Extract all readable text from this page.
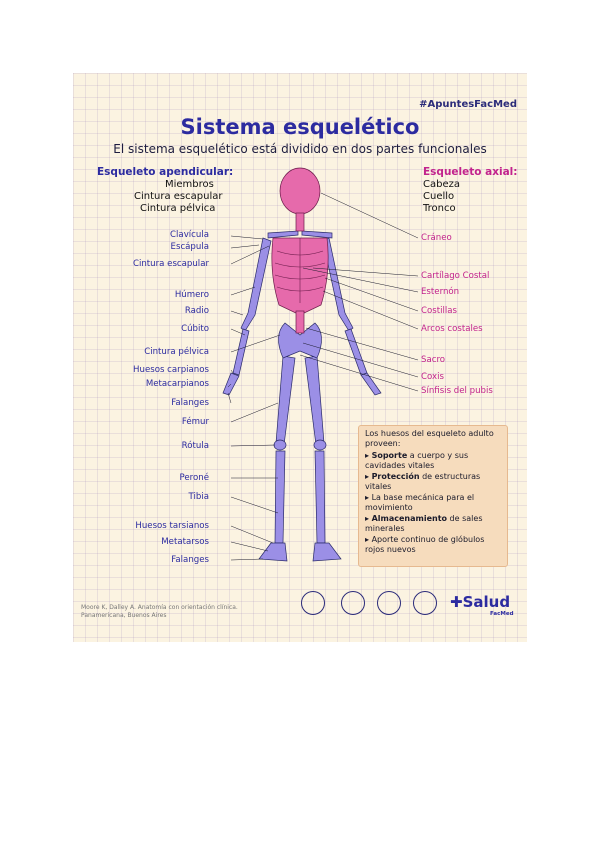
#ApuntesFacMed
Sistema esquelético
El sistema esquelético está dividido en dos partes funcionales
Esqueleto apendicular:
Miembros
Cintura escapular
Cintura pélvica
Esqueleto axial:
Cabeza
Cuello
Tronco
Clavícula
Escápula
Cintura escapular
Húmero
Radio
Cúbito
Cintura pélvica
Huesos carpianos
Metacarpianos
Falanges
Fémur
Rótula
Peroné
Tibia
Huesos tarsianos
Metatarsos
Falanges
Cráneo
Cartílago Costal
Esternón
Costillas
Arcos costales
Sacro
Coxis
Sínfisis del pubis
Los huesos del esqueleto adulto proveen:
▸ Soporte a cuerpo y sus cavidades vitales
▸ Protección de estructuras vitales
▸ La base mecánica para el movimiento
▸ Almacenamiento de sales minerales
▸ Aporte continuo de glóbulos rojos nuevos
Moore K, Dalley A. Anatomía con orientación clínica.
Panamericana, Buenos Aires
✚Salud
FacMed
